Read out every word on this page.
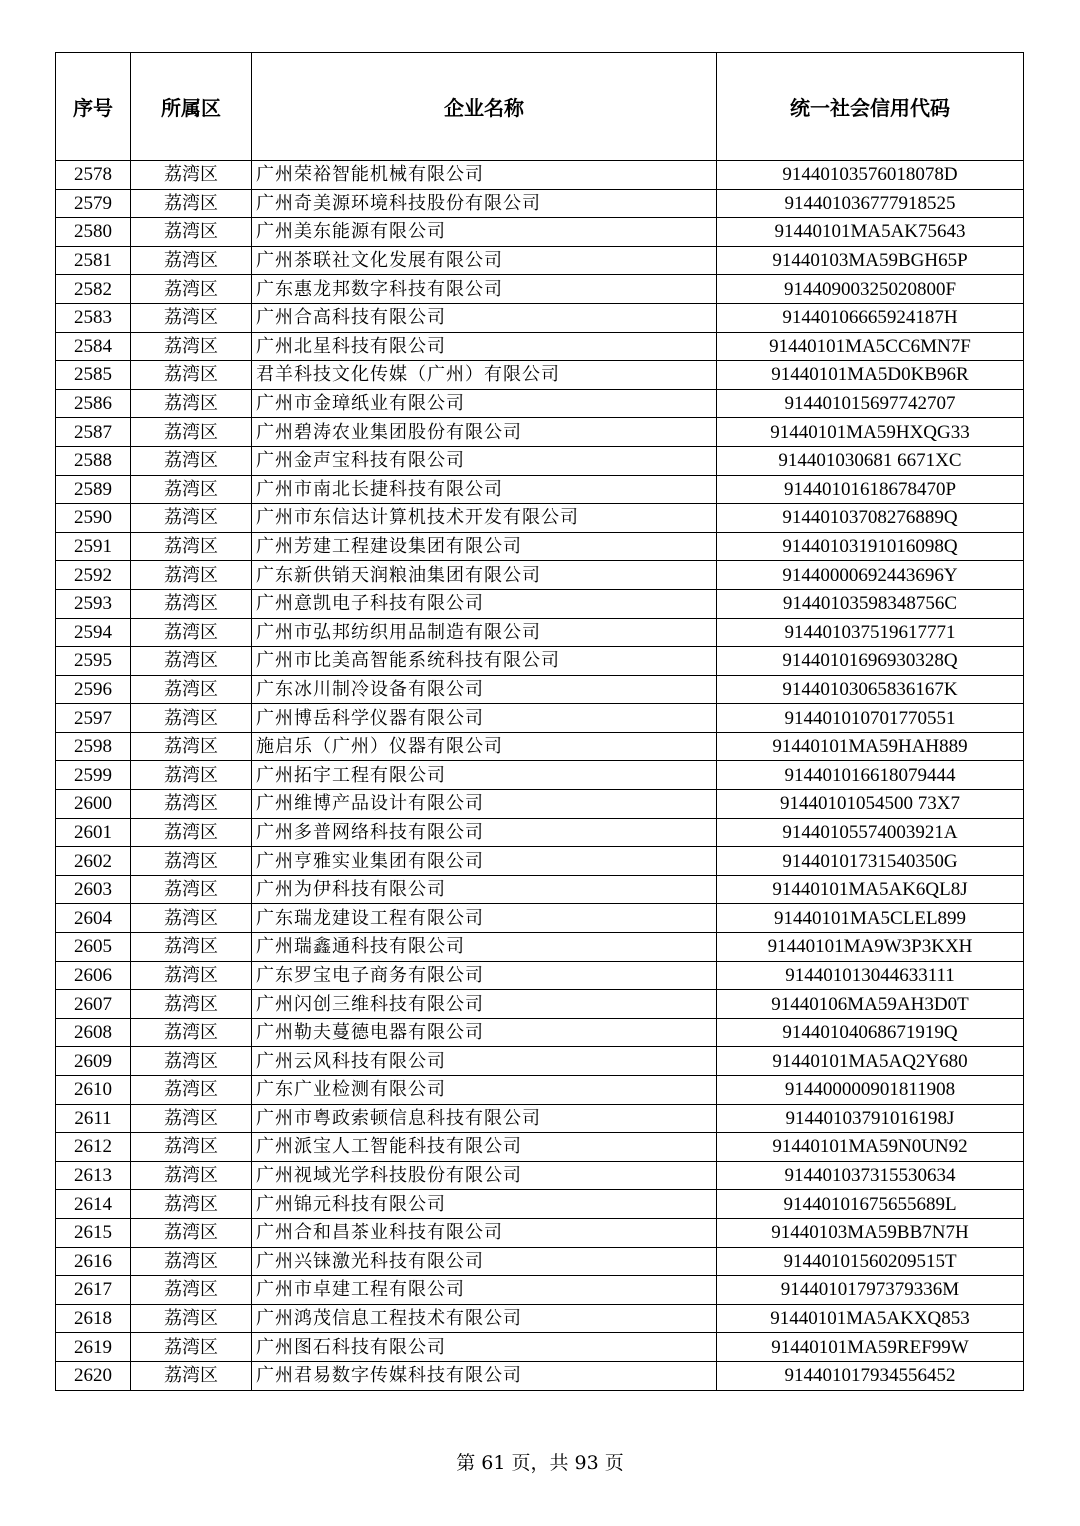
序号	所属区	企业名称	统一社会信用代码
2578	荔湾区	广州荣裕智能机械有限公司	91440103576018078D
2579	荔湾区	广州奇美源环境科技股份有限公司	914401036777918525
2580	荔湾区	广州美东能源有限公司	91440101MA5AK75643
2581	荔湾区	广州茶联社文化发展有限公司	91440103MA59BGH65P
2582	荔湾区	广东惠龙邦数字科技有限公司	91440900325020800F
2583	荔湾区	广州合高科技有限公司	91440106665924187H
2584	荔湾区	广州北星科技有限公司	91440101MA5CC6MN7F
2585	荔湾区	君羊科技文化传媒（广州）有限公司	91440101MA5D0KB96R
2586	荔湾区	广州市金璋纸业有限公司	914401015697742707
2587	荔湾区	广州碧涛农业集团股份有限公司	91440101MA59HXQG33
2588	荔湾区	广州金声宝科技有限公司	914401030681 6671XC
2589	荔湾区	广州市南北长捷科技有限公司	91440101618678470P
2590	荔湾区	广州市东信达计算机技术开发有限公司	91440103708276889Q
2591	荔湾区	广州芳建工程建设集团有限公司	91440103191016098Q
2592	荔湾区	广东新供销天润粮油集团有限公司	91440000692443696Y
2593	荔湾区	广州意凯电子科技有限公司	91440103598348756C
2594	荔湾区	广州市弘邦纺织用品制造有限公司	914401037519617771
2595	荔湾区	广州市比美高智能系统科技有限公司	91440101696930328Q
2596	荔湾区	广东冰川制冷设备有限公司	91440103065836167K
2597	荔湾区	广州博岳科学仪器有限公司	914401010701770551
2598	荔湾区	施启乐（广州）仪器有限公司	91440101MA59HAH889
2599	荔湾区	广州拓宇工程有限公司	914401016618079444
2600	荔湾区	广州维博产品设计有限公司	91440101054500 73X7
2601	荔湾区	广州多普网络科技有限公司	91440105574003921A
2602	荔湾区	广州亨雅实业集团有限公司	91440101731540350G
2603	荔湾区	广州为伊科技有限公司	91440101MA5AK6QL8J
2604	荔湾区	广东瑞龙建设工程有限公司	91440101MA5CLEL899
2605	荔湾区	广州瑞鑫通科技有限公司	91440101MA9W3P3KXH
2606	荔湾区	广东罗宝电子商务有限公司	914401013044633111
2607	荔湾区	广州闪创三维科技有限公司	91440106MA59AH3D0T
2608	荔湾区	广州勒夫蔓德电器有限公司	91440104068671919Q
2609	荔湾区	广州云风科技有限公司	91440101MA5AQ2Y680
2610	荔湾区	广东广业检测有限公司	914400000901811908
2611	荔湾区	广州市粤政索顿信息科技有限公司	91440103791016198J
2612	荔湾区	广州派宝人工智能科技有限公司	91440101MA59N0UN92
2613	荔湾区	广州视域光学科技股份有限公司	914401037315530634
2614	荔湾区	广州锦元科技有限公司	91440101675655689L
2615	荔湾区	广州合和昌茶业科技有限公司	91440103MA59BB7N7H
2616	荔湾区	广州兴铼激光科技有限公司	91440101560209515T
2617	荔湾区	广州市卓建工程有限公司	91440101797379336M
2618	荔湾区	广州鸿茂信息工程技术有限公司	91440101MA5AKXQ853
2619	荔湾区	广州图石科技有限公司	91440101MA59REF99W
2620	荔湾区	广州君易数字传媒科技有限公司	914401017934556452
第 61 页，共 93 页
